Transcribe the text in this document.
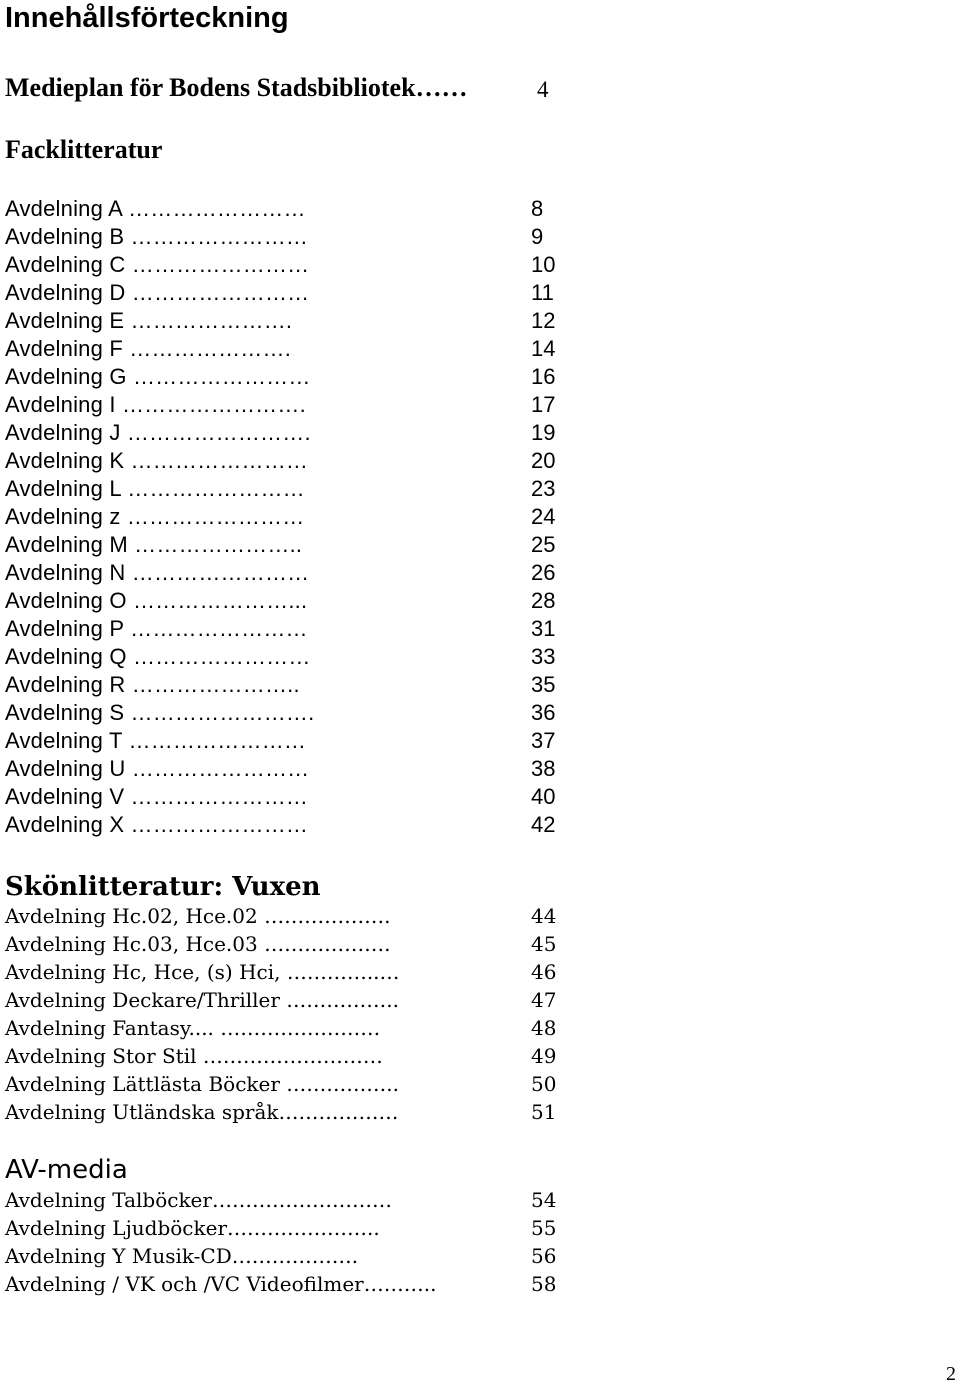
Innehållsförteckning
Medieplan för Bodens Stadsbibliotek……	4
Facklitteratur
Avdelning A ……………………	8
Avdelning B ……………………	9
Avdelning C ……………………	10
Avdelning D ……………………	11
Avdelning E ………………….	12
Avdelning F ………………….	14
Avdelning G ……………………	16
Avdelning I …………………….	17
Avdelning J …………………….	19
Avdelning K ……………………	20
Avdelning L ……………………	23
Avdelning z ……………………	24
Avdelning M …………………..	25
Avdelning N ……………………	26
Avdelning O …………………...	28
Avdelning P ……………………	31
Avdelning Q ……………………	33
Avdelning R …………………..	35
Avdelning S …………………….	36
Avdelning T ……………………	37
Avdelning U ……………………	38
Avdelning V ……………………	40
Avdelning X ……………………	42
Skönlitteratur: Vuxen
Avdelning Hc.02, Hce.02 ……………….	44
Avdelning Hc.03, Hce.03 ……………….	45
Avdelning Hc, Hce, (s) Hci, …………..…	46
Avdelning Deckare/Thriller ……………..	47
Avdelning Fantasy.... ……………………	48
Avdelning Stor Stil ………………………	49
Avdelning Lättlästa Böcker ……………..	50
Avdelning Utländska språk………………	51
AV-media
Avdelning Talböcker………………………	54
Avdelning Ljudböcker…………………..	55
Avdelning Y Musik-CD……………….	56
Avdelning / VK och /VC Videofilmer………..	58
2
